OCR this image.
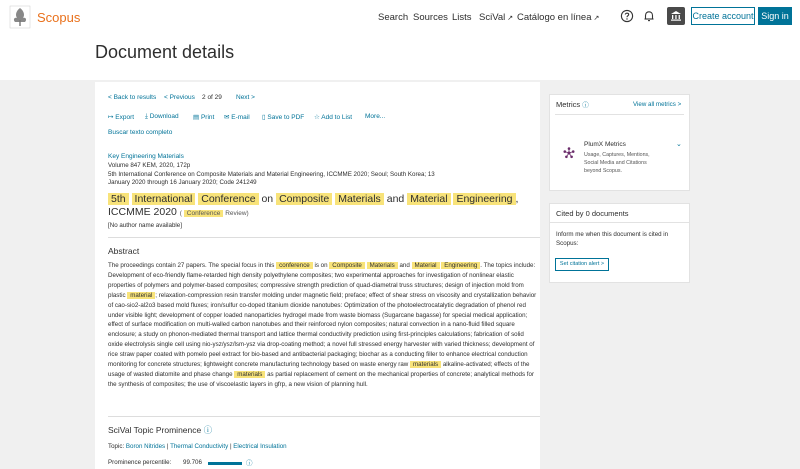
Scopus	Search Sources Lists SciVal ↗ Catálogo en línea ↗	Create account Sign in
Document details
< Back to results < Previous 2 of 29 Next >
↦ Export ⤓ Download ▤ Print ✉ E-mail ▯ Save to PDF ☆ Add to List More...
Buscar texto completo
Key Engineering Materials
Volume 847 KEM, 2020, 172p
5th International Conference on Composite Materials and Material Engineering, ICCMME 2020; Seoul; South Korea; 13
January 2020 through 16 January 2020; Code 241249
5th International Conference on Composite Materials and Material Engineering , ICCMME 2020 ( Conference Review)
[No author name available]
Abstract
The proceedings contain 27 papers. The special focus in this conference is on Composite Materials and Material Engineering . The topics include: Development of eco-friendly flame-retarded high density polyethylene composites; two experimental approaches for investigation of nonlinear elastic properties of polymers and polymer-based composites; compressive strength prediction of quad-diametral truss structures; design of injection mold from plastic material ; relaxation-compression resin transfer molding under magnetic field; preface; effect of shear stress on viscosity and crystallization behavior of cao-sio2-al2o3 based mold fluxes; iron/sulfur co-doped titanium dioxide nanotubes: Optimization of the photoelectrocatalytic degradation of phenol red under visible light; development of copper loaded nanoparticles hydrogel made from waste biomass (Sugarcane bagasse) for special medical application; effect of surface modification on multi-walled carbon nanotubes and their reinforced nylon composites; natural convection in a nano-fluid filled square enclosure; a study on phonon-mediated thermal transport and lattice thermal conductivity prediction using first-principles calculations; fabrication of solid oxide electrolysis single cell using nio-ysz/ysz/lsm-ysz via drop-coating method; a novel full stressed energy harvester with varied thickness; development of rice straw paper coated with pomelo peel extract for bio-based and antibacterial packaging; biochar as a conducting filler to enhance electrical conduction monitoring for concrete structures; lightweight concrete manufacturing technology based on waste energy raw materials alkaline-activated; effects of the usage of wasted diatomite and phase change materials as partial replacement of cement on the mechanical properties of concrete; analytical methods for the synthesis of composites; the use of viscoelastic layers in gfrp, a new vision of planning hull.
SciVal Topic Prominence ⓘ
Topic: Boron Nitrides | Thermal Conductivity | Electrical Insulation
Prominence percentile: 99.706	ⓘ
Metrics ⓘ	View all metrics >
PlumX Metrics
Usage, Captures, Mentions,
Social Media and Citations
beyond Scopus.
⌄
Cited by 0 documents
Inform me when this document is cited in
Scopus:
Set citation alert >
